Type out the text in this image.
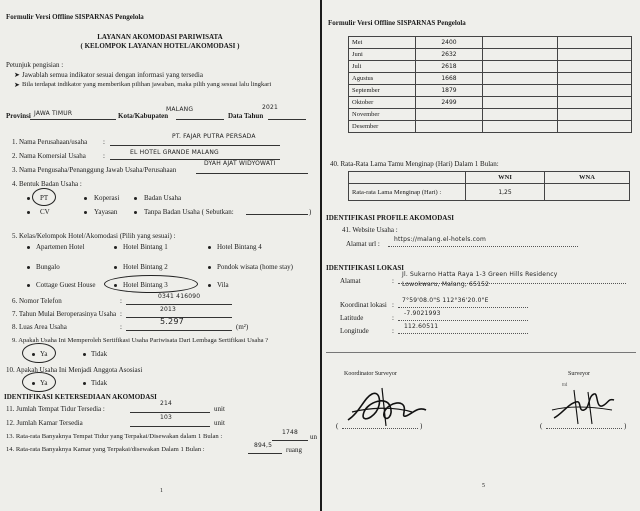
Formulir Versi Offline SISPARNAS Pengelola
LAYANAN AKOMODASI PARIWISATA
( KELOMPOK LAYANAN HOTEL/AKOMODASI )
Petunjuk pengisian :
➤ Jawablah semua indikator sesuai dengan informasi yang tersedia
➤ Bila terdapat indikator yang memberikan pilihan jawaban, maka pilih yang sesuai lalu lingkari
Provinsi JAWA TIMUR	Kota/Kabupaten
MALANG
Data Tahun
2021
1. Nama Perusahaan/usaha :
PT. FAJAR PUTRA PERSADA
2. Nama Komersial Usaha :	EL HOTEL GRANDE MALANG
3. Nama Pengusaha/Penanggung Jawab Usaha/Perusahaan
DYAH AJAT WIDYOWATI
4. Bentuk Badan Usaha :
PT	Koperasi	Badan Usaha
CV	Yayasan	Tanpa Badan Usaha ( Sebutkan:	)
5. Kelas/Kelompok Hotel/Akomodasi (Pilih yang sesuai) :
Apartemen Hotel	Hotel Bintang 1	Hotel Bintang 4
Bungalo	Hotel Bintang 2	Pondok wisata (home stay)
Cottage Guest House	Hotel Bintang 3	Vila
6. Nomor Telefon	:
0341 416090
7. Tahun Mulai Beroperasinya Usaha :
2013
8. Luas Area Usaha	:
5.297
(m²)
9. Apakah Usaha Ini Memperoleh Sertifikasi Usaha Pariwisata Dari Lembaga Sertifikasi Usaha ?
Ya	Tidak
10. Apakah Usaha Ini Menjadi Anggota Asosiasi
Ya	Tidak
IDENTIFIKASI KETERSEDIAAN AKOMODASI
11. Jumlah Tempat Tidur Tersedia :
214
unit
12. Jumlah Kamar Tersedia
103
unit
13. Rata-rata Banyaknya Tempat Tidur yang Terpakai/Disewakan dalam 1 Bulan :
1748
un
14. Rata-rata Banyaknya Kamar yang Terpakai/disewakan Dalam 1 Bulan :
894,5
ruang
1
Formulir Versi Offline SISPARNAS Pengelola
Mei	2400		
Juni	2632		
Juli	2618		
Agustus	1668		
September	1879		
Oktober	2499		
November			
Desember			
40. Rata-Rata Lama Tamu Menginap (Hari) Dalam 1 Bulan:
	WNI	WNA
Rata-rata Lama Menginap (Hari) :	1,25	
IDENTIFIKASI PROFILE AKOMODASI
41. Website Usaha :
Alamat url :
https://malang.el-hotels.com
IDENTIFIKASI LOKASI
Alamat	:
Jl. Sukarno Hatta Raya 1-3 Green Hills Residency
Lowokwaru, Malang, 65152
Koordinat lokasi :
7°59'08.0"S 112°36'20.0"E
Latitude	:
-7.9021993
Longitude	:
112.60511
Koordinator Surveyor	Surveyor
ttd
(	)	(	)
5
